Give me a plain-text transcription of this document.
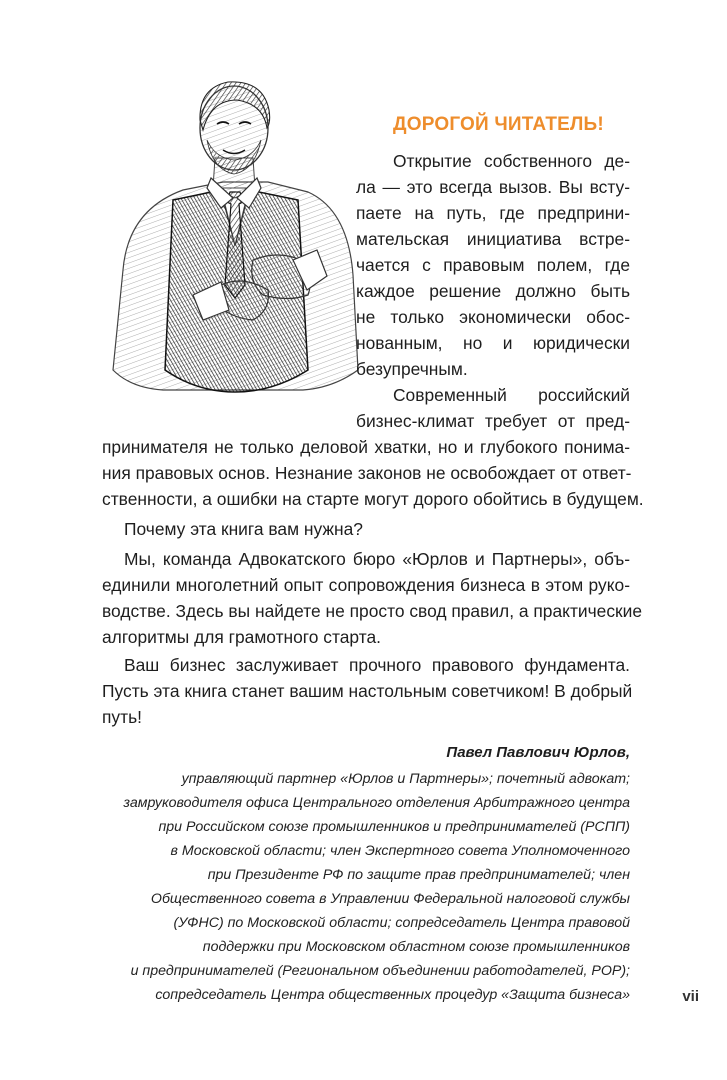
ДОРОГОЙ ЧИТАТЕЛЬ!
Открытие собственного де-
ла — это всегда вызов. Вы всту-
паете на путь, где предприни-
мательская инициатива встре-
чается с правовым полем, где
каждое решение должно быть
не только экономически обос-
нованным, но и юридически
безупречным.
Современный российский
бизнес-климат требует от пред-
принимателя не только деловой хватки, но и глубокого понима-
ния правовых основ. Незнание законов не освобождает от ответ-
ственности, а ошибки на старте могут дорого обойтись в будущем.
Почему эта книга вам нужна?
Мы, команда Адвокатского бюро «Юрлов и Партнеры», объ-
единили многолетний опыт сопровождения бизнеса в этом руко-
водстве. Здесь вы найдете не просто свод правил, а практические
алгоритмы для грамотного старта.
Ваш бизнес заслуживает прочного правового фундамента.
Пусть эта книга станет вашим настольным советчиком! В добрый
путь!
Павел Павлович Юрлов,
управляющий партнер «Юрлов и Партнеры»; почетный адвокат;
замруководителя офиса Центрального отделения Арбитражного центра
при Российском союзе промышленников и предпринимателей (РСПП)
в Московской области; член Экспертного совета Уполномоченного
при Президенте РФ по защите прав предпринимателей; член
Общественного совета в Управлении Федеральной налоговой службы
(УФНС) по Московской области; сопредседатель Центра правовой
поддержки при Московском областном союзе промышленников
и предпринимателей (Региональном объединении работодателей, РОР);
сопредседатель Центра общественных процедур «Защита бизнеса»	vii
